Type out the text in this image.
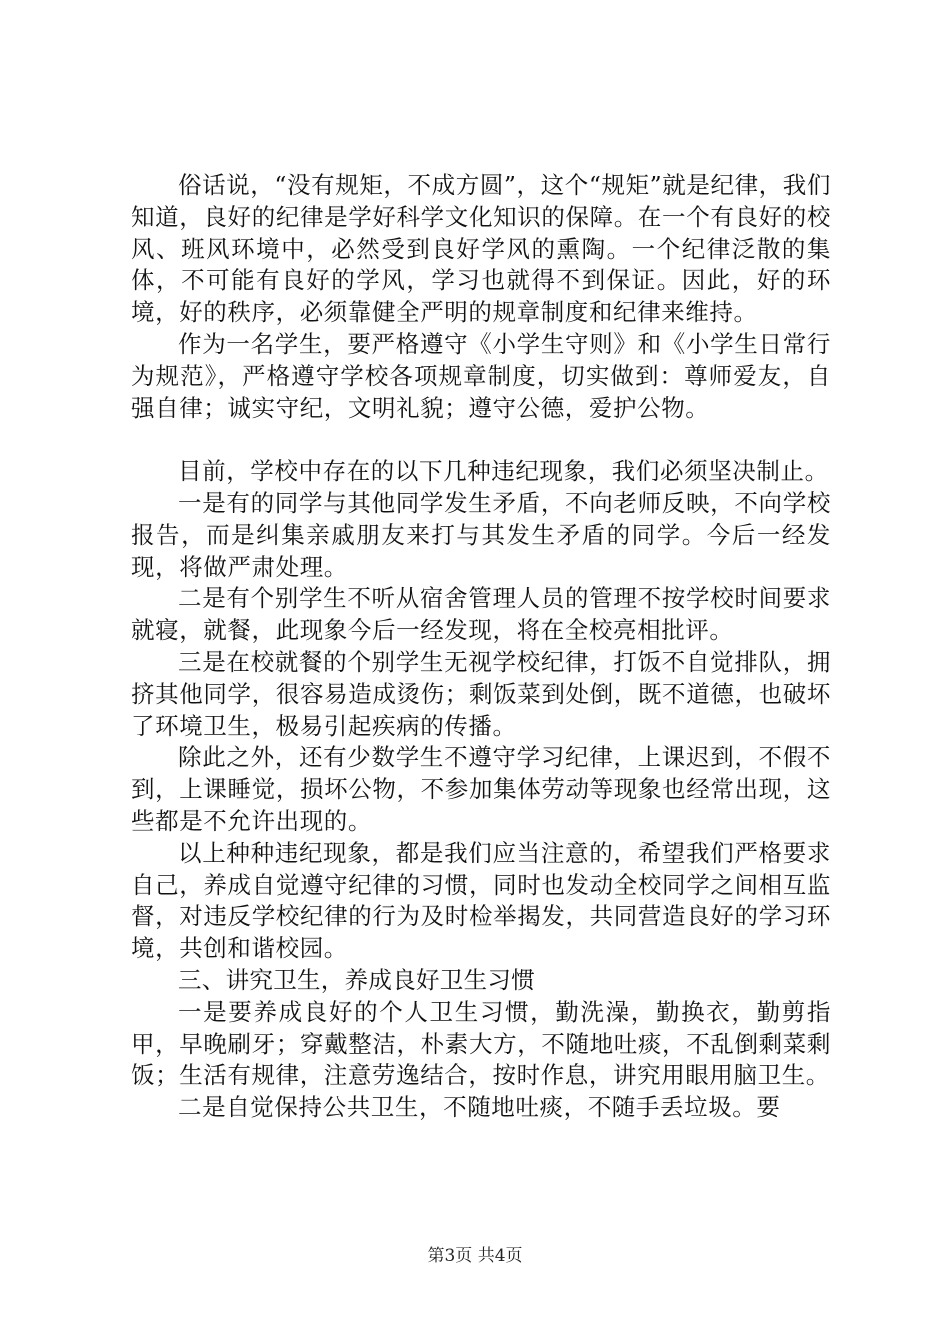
俗话说，“没有规矩，不成方圆”，这个“规矩”就是纪律，我们知道，良好的纪律是学好科学文化知识的保障。在一个有良好的校风、班风环境中，必然受到良好学风的熏陶。一个纪律泛散的集体，不可能有良好的学风，学习也就得不到保证。因此，好的环境，好的秩序，必须靠健全严明的规章制度和纪律来维持。

作为一名学生，要严格遵守《小学生守则》和《小学生日常行为规范》，严格遵守学校各项规章制度，切实做到：尊师爱友，自强自律；诚实守纪，文明礼貌；遵守公德，爱护公物。

目前，学校中存在的以下几种违纪现象，我们必须坚决制止。

一是有的同学与其他同学发生矛盾，不向老师反映，不向学校报告，而是纠集亲戚朋友来打与其发生矛盾的同学。今后一经发现，将做严肃处理。

二是有个别学生不听从宿舍管理人员的管理不按学校时间要求就寝，就餐，此现象今后一经发现，将在全校亮相批评。

三是在校就餐的个别学生无视学校纪律，打饭不自觉排队，拥挤其他同学，很容易造成烫伤；剩饭菜到处倒，既不道德，也破坏了环境卫生，极易引起疾病的传播。

除此之外，还有少数学生不遵守学习纪律，上课迟到，不假不到，上课睡觉，损坏公物，不参加集体劳动等现象也经常出现，这些都是不允许出现的。

以上种种违纪现象，都是我们应当注意的，希望我们严格要求自己，养成自觉遵守纪律的习惯，同时也发动全校同学之间相互监督，对违反学校纪律的行为及时检举揭发，共同营造良好的学习环境，共创和谐校园。

三、讲究卫生，养成良好卫生习惯

一是要养成良好的个人卫生习惯，勤洗澡，勤换衣，勤剪指甲，早晚刷牙；穿戴整洁，朴素大方，不随地吐痰，不乱倒剩菜剩饭；生活有规律，注意劳逸结合，按时作息，讲究用眼用脑卫生。

二是自觉保持公共卫生，不随地吐痰，不随手丢垃圾。要

第3页 共4页
